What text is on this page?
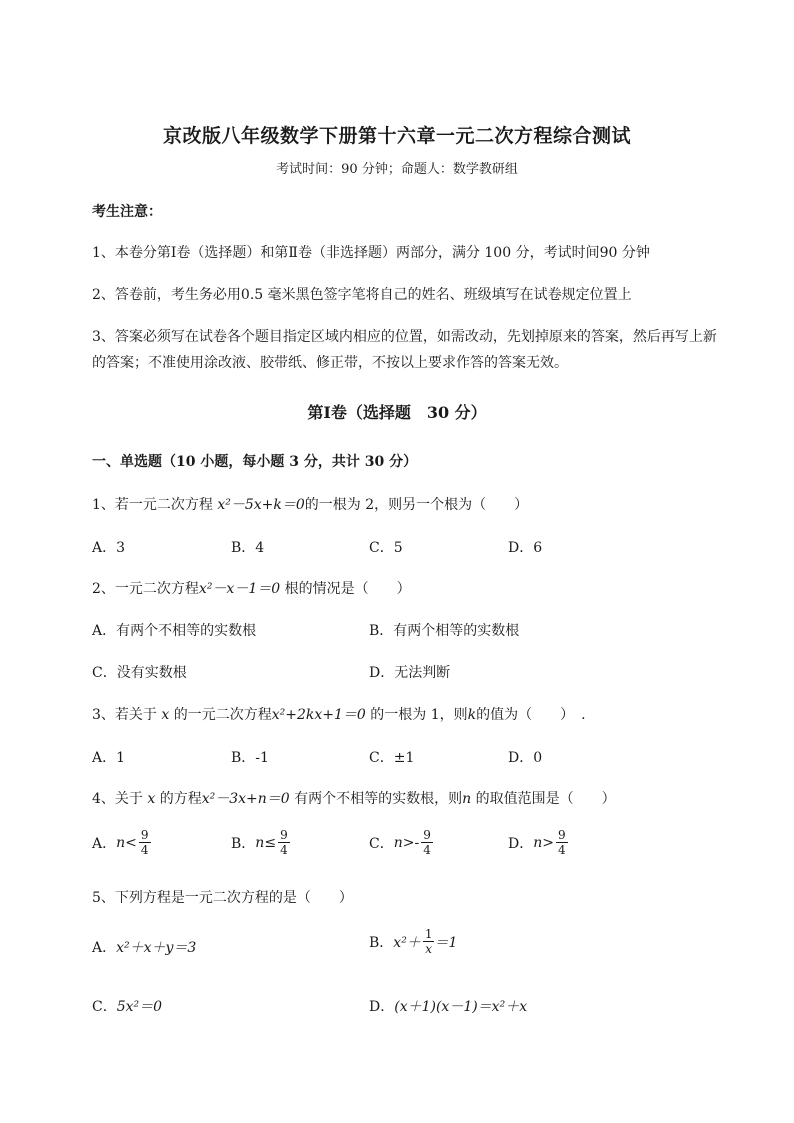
京改版八年级数学下册第十六章一元二次方程综合测试
考试时间：90 分钟；命题人：数学教研组
考生注意：
1、本卷分第Ⅰ卷（选择题）和第Ⅱ卷（非选择题）两部分，满分 100 分，考试时间90 分钟
2、答卷前，考生务必用0.5 毫米黑色签字笔将自己的姓名、班级填写在试卷规定位置上
3、答案必须写在试卷各个题目指定区域内相应的位置，如需改动，先划掉原来的答案，然后再写上新
的答案；不准使用涂改液、胶带纸、修正带，不按以上要求作答的答案无效。
第Ⅰ卷（选择题　30 分）
一、单选题（10 小题，每小题 3 分，共计 30 分）
1、若一元二次方程 x²－5x+k＝0的一根为 2，则另一个根为（　　）
A．3	B．4	C．5	D．6
2、一元二次方程x²－x－1＝0 根的情况是（　　）
A．有两个不相等的实数根	B．有两个相等的实数根
C．没有实数根	D．无法判断
3、若关于 x 的一元二次方程x²+2kx+1＝0 的一根为 1，则k的值为（　　）　.
A．1	B．-1	C．±1	D．0
4、关于 x 的方程x²－3x+n＝0 有两个不相等的实数根，则n 的取值范围是（　　）
A． $n < \frac{9}{4}$	B． $n \le \frac{9}{4}$	C． $n >- \frac{9}{4}$	D． $n > \frac{9}{4}$
5、下列方程是一元二次方程的是（　　）
A．x²＋x＋y＝3	B． $x^2+ \frac{1}{x} =1$
C．5x²＝0	D．(x＋1)(x－1)＝x²＋x
